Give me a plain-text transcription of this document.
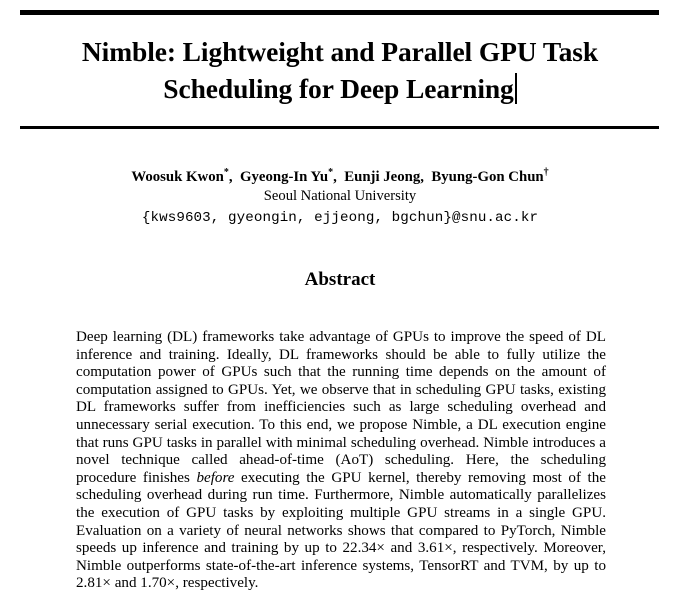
Nimble: Lightweight and Parallel GPU Task
Scheduling for Deep Learning
Woosuk Kwon*,  Gyeong-In Yu*,  Eunji Jeong,  Byung-Gon Chun†
Seoul National University
{kws9603, gyeongin, ejjeong, bgchun}@snu.ac.kr
Abstract

Deep learning (DL) frameworks take advantage of GPUs to improve the speed of DL inference and training. Ideally, DL frameworks should be able to fully utilize the computation power of GPUs such that the running time depends on the amount of computation assigned to GPUs. Yet, we observe that in scheduling GPU tasks, existing DL frameworks suffer from inefficiencies such as large scheduling overhead and unnecessary serial execution. To this end, we propose Nimble, a DL execution engine that runs GPU tasks in parallel with minimal scheduling overhead. Nimble introduces a novel technique called ahead-of-time (AoT) scheduling. Here, the scheduling procedure finishes before executing the GPU kernel, thereby removing most of the scheduling overhead during run time. Furthermore, Nimble automatically parallelizes the execution of GPU tasks by exploiting multiple GPU streams in a single GPU. Evaluation on a variety of neural networks shows that compared to PyTorch, Nimble speeds up inference and training by up to 22.34× and 3.61×, respectively. Moreover, Nimble outperforms state-of-the-art inference systems, TensorRT and TVM, by up to 2.81× and 1.70×, respectively.
